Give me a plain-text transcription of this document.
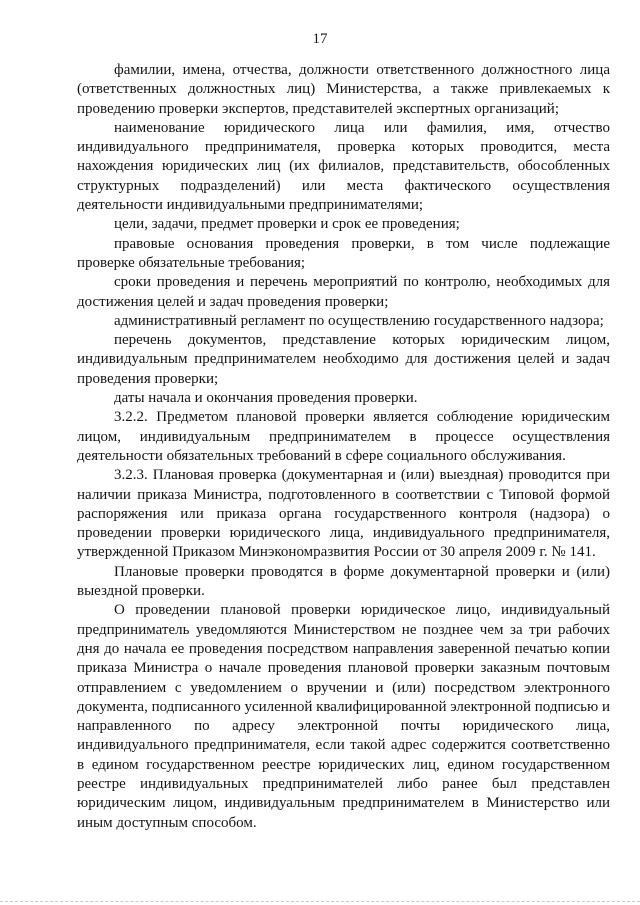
17

фамилии, имена, отчества, должности ответственного должностного лица (ответственных должностных лиц) Министерства, а также привлекаемых к проведению проверки экспертов, представителей экспертных организаций;

наименование юридического лица или фамилия, имя, отчество индивидуального предпринимателя, проверка которых проводится, места нахождения юридических лиц (их филиалов, представительств, обособленных структурных подразделений) или места фактического осуществления деятельности индивидуальными предпринимателями;

цели, задачи, предмет проверки и срок ее проведения;

правовые основания проведения проверки, в том числе подлежащие проверке обязательные требования;

сроки проведения и перечень мероприятий по контролю, необходимых для достижения целей и задач проведения проверки;

административный регламент по осуществлению государственного надзора;

перечень документов, представление которых юридическим лицом, индивидуальным предпринимателем необходимо для достижения целей и задач проведения проверки;

даты начала и окончания проведения проверки.

3.2.2. Предметом плановой проверки является соблюдение юридическим лицом, индивидуальным предпринимателем в процессе осуществления деятельности обязательных требований в сфере социального обслуживания.

3.2.3. Плановая проверка (документарная и (или) выездная) проводится при наличии приказа Министра, подготовленного в соответствии с Типовой формой распоряжения или приказа органа государственного контроля (надзора) о проведении проверки юридического лица, индивидуального предпринимателя, утвержденной Приказом Минэкономразвития России от 30 апреля 2009 г. № 141.

Плановые проверки проводятся в форме документарной проверки и (или) выездной проверки.

О проведении плановой проверки юридическое лицо, индивидуальный предприниматель уведомляются Министерством не позднее чем за три рабочих дня до начала ее проведения посредством направления заверенной печатью копии приказа Министра о начале проведения плановой проверки заказным почтовым отправлением с уведомлением о вручении и (или) посредством электронного документа, подписанного усиленной квалифицированной электронной подписью и направленного по адресу электронной почты юридического лица, индивидуального предпринимателя, если такой адрес содержится соответственно в едином государственном реестре юридических лиц, едином государственном реестре индивидуальных предпринимателей либо ранее был представлен юридическим лицом, индивидуальным предпринимателем в Министерство или иным доступным способом.
